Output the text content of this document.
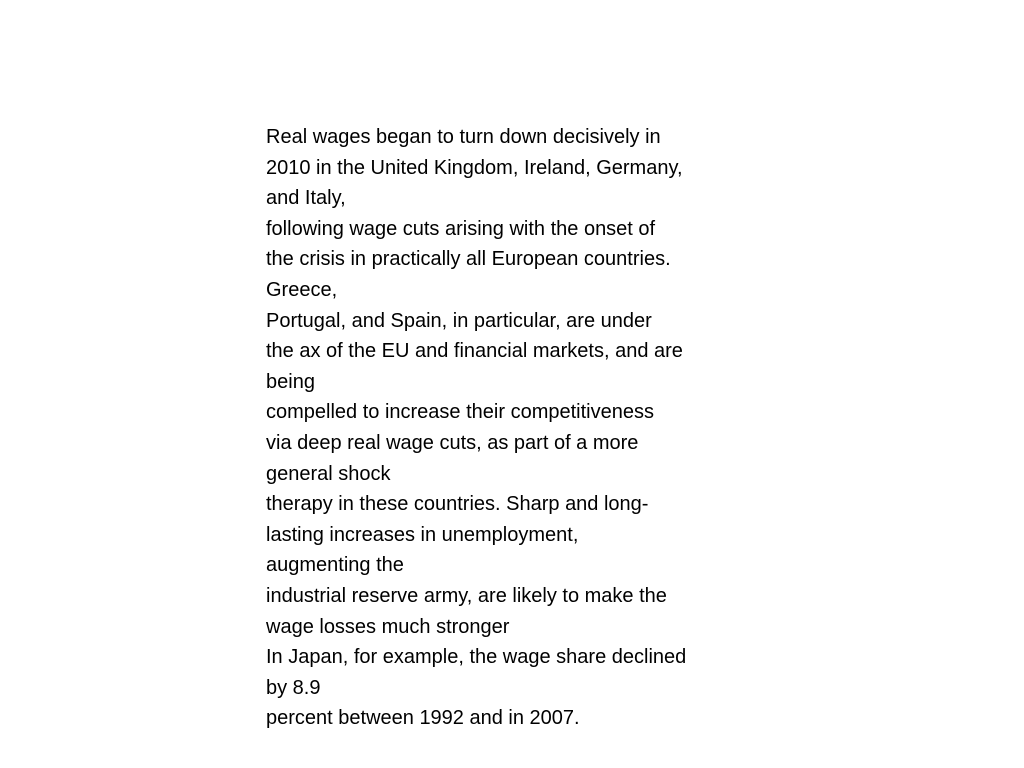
Real wages began to turn down decisively in
2010 in the United Kingdom, Ireland, Germany,
and Italy,
following wage cuts arising with the onset of
the crisis in practically all European countries.
Greece,
Portugal, and Spain, in particular, are under
the ax of the EU and financial markets, and are
being
compelled to increase their competitiveness
via deep real wage cuts, as part of a more
general shock
therapy in these countries. Sharp and long-
lasting increases in unemployment,
augmenting the
industrial reserve army, are likely to make the
wage losses much stronger
In Japan, for example, the wage share declined
by 8.9
percent between 1992 and in 2007.
